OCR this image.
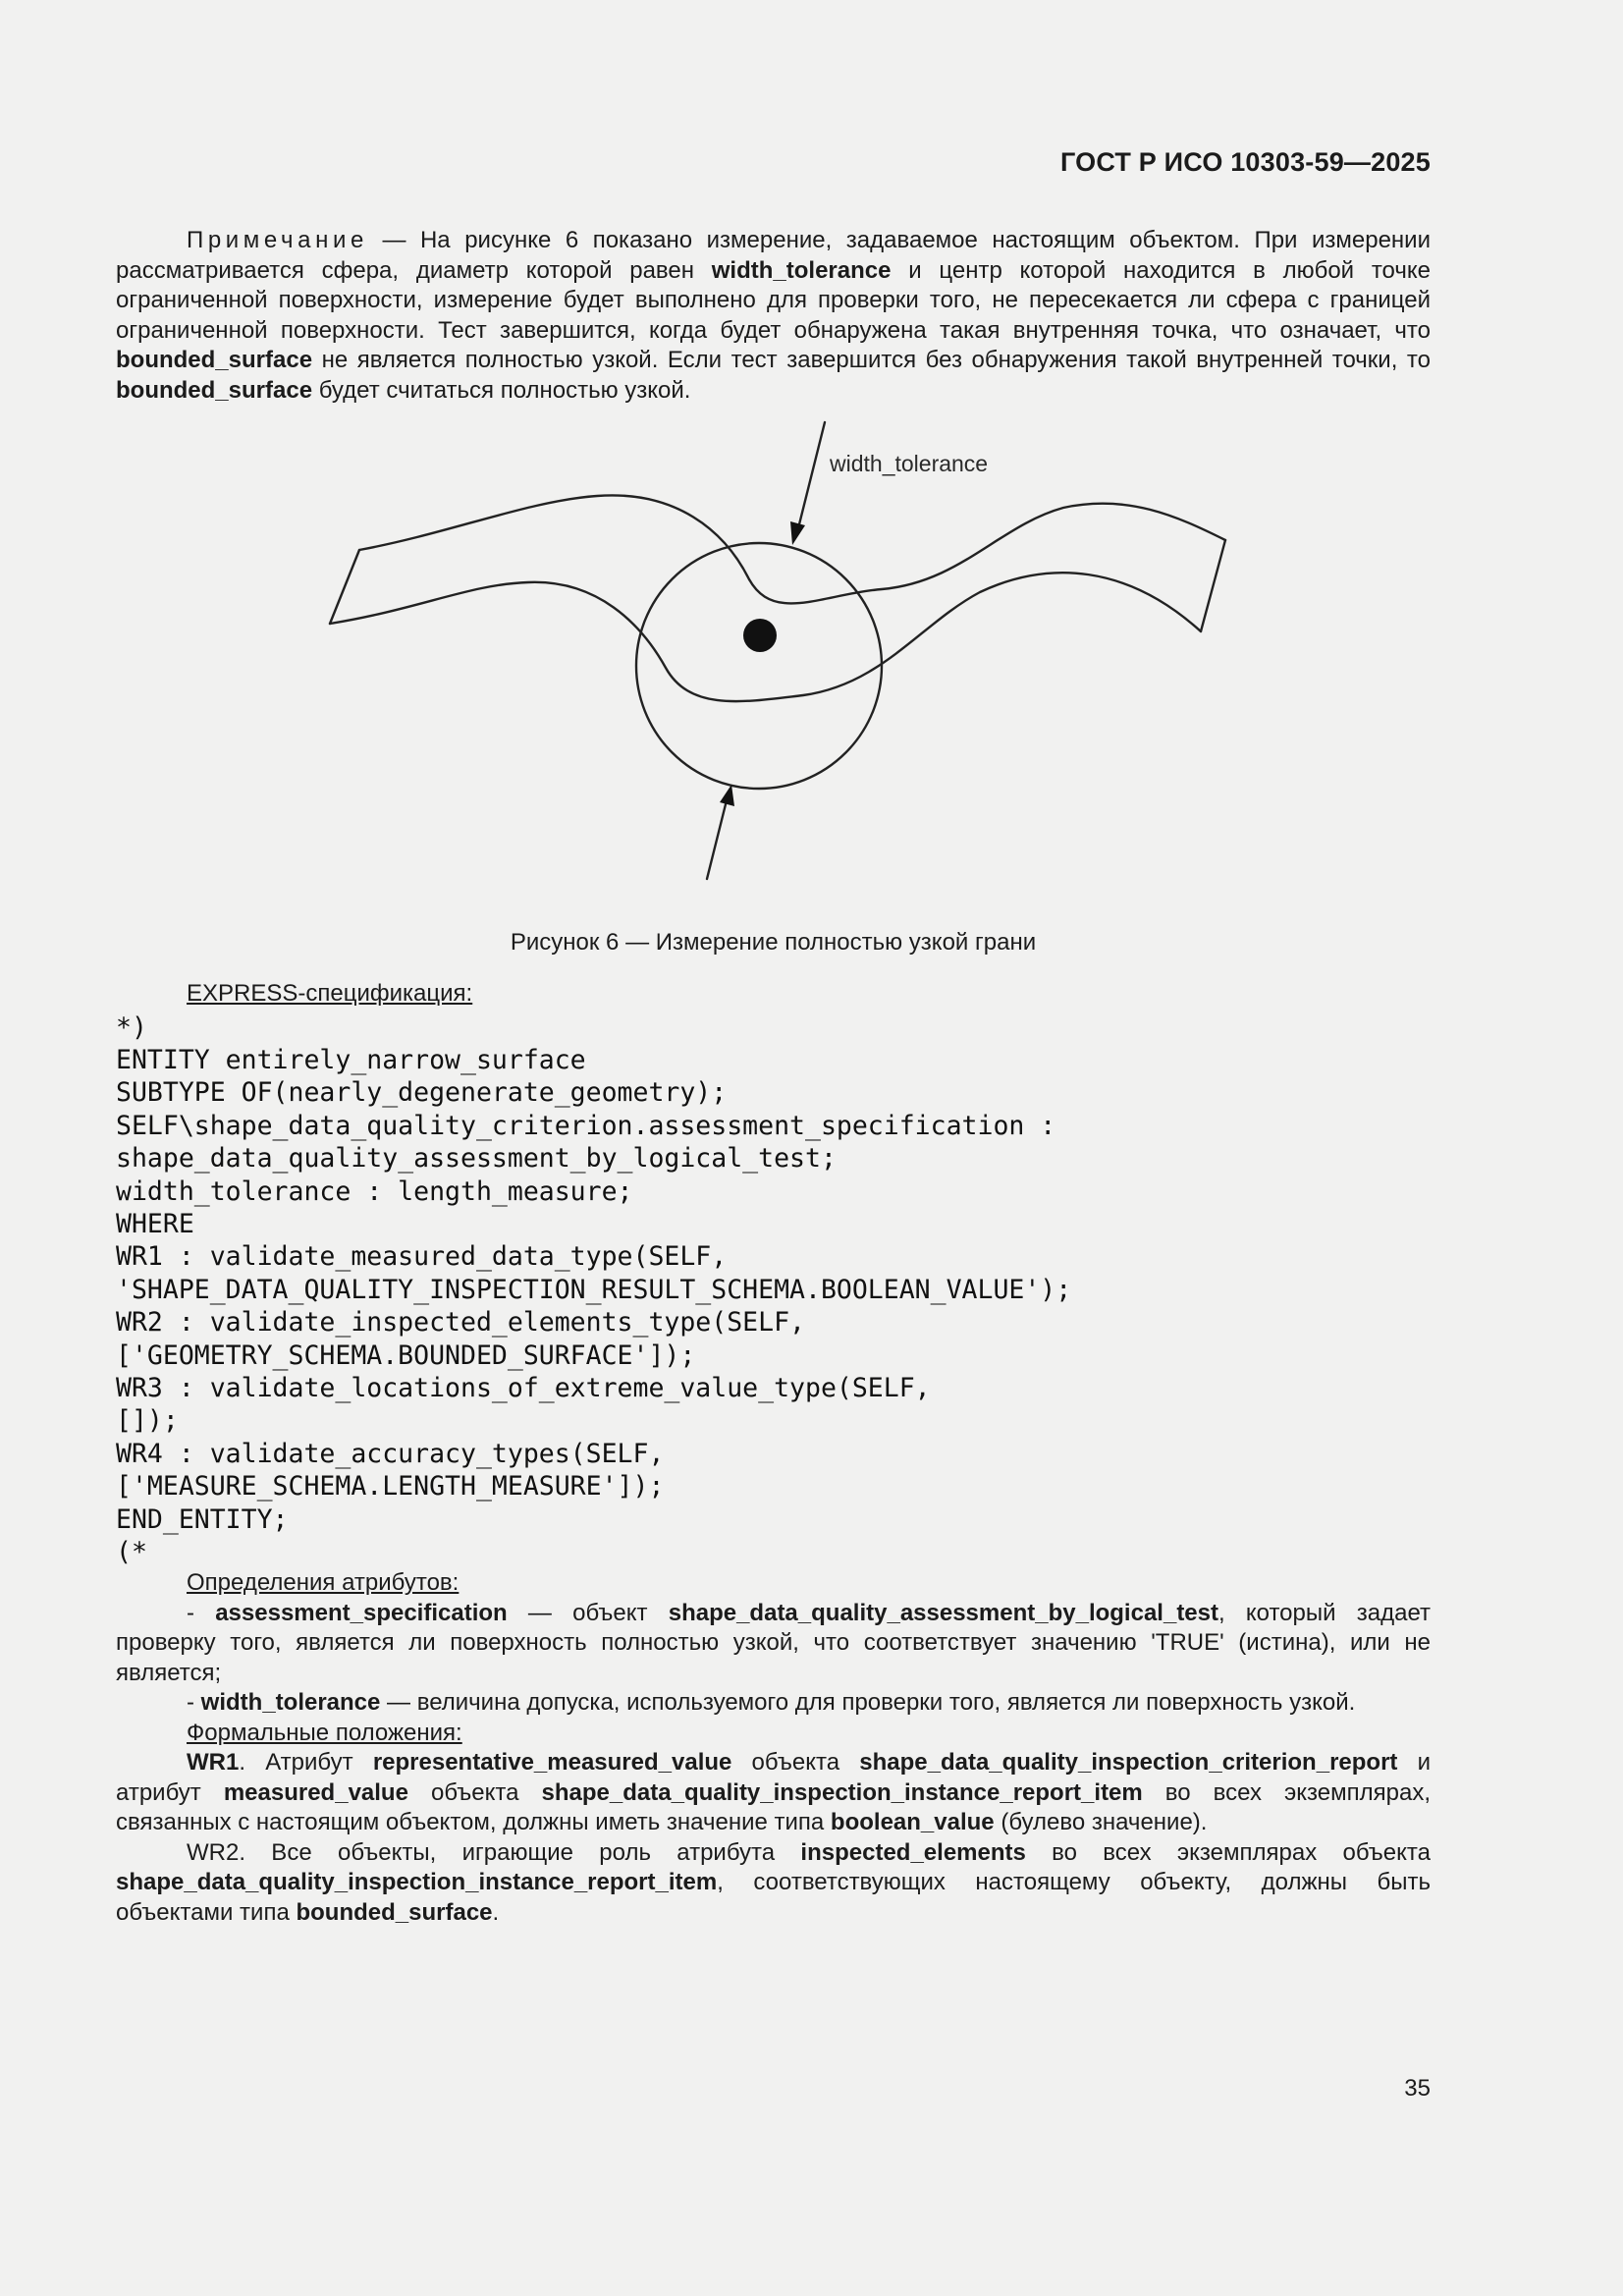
ГОСТ Р ИСО 10303-59—2025

Примечание — На рисунке 6 показано измерение, задаваемое настоящим объектом. При измерении рассматривается сфера, диаметр которой равен width_tolerance и центр которой находится в любой точке ограниченной поверхности, измерение будет выполнено для проверки того, не пересекается ли сфера с границей ограниченной поверхности. Тест завершится, когда будет обнаружена такая внутренняя точка, что означает, что bounded_surface не является полностью узкой. Если тест завершится без обнаружения такой внутренней точки, то bounded_surface будет считаться полностью узкой.

width_tolerance
Рисунок 6 — Измерение полностью узкой грани

EXPRESS-спецификация:

*)
ENTITY entirely_narrow_surface
SUBTYPE OF(nearly_degenerate_geometry);
SELF\shape_data_quality_criterion.assessment_specification :
shape_data_quality_assessment_by_logical_test;
width_tolerance : length_measure;
WHERE
WR1 : validate_measured_data_type(SELF,
'SHAPE_DATA_QUALITY_INSPECTION_RESULT_SCHEMA.BOOLEAN_VALUE');
WR2 : validate_inspected_elements_type(SELF,
['GEOMETRY_SCHEMA.BOUNDED_SURFACE']);
WR3 : validate_locations_of_extreme_value_type(SELF,
[]);
WR4 : validate_accuracy_types(SELF,
['MEASURE_SCHEMA.LENGTH_MEASURE']);
END_ENTITY;
(*

Определения атрибутов:

- assessment_specification — объект shape_data_quality_assessment_by_logical_test, который задает проверку того, является ли поверхность полностью узкой, что соответствует значению 'TRUE' (истина), или не является;

- width_tolerance — величина допуска, используемого для проверки того, является ли поверхность узкой.

Формальные положения:

WR1. Атрибут representative_measured_value объекта shape_data_quality_inspection_criterion_report и атрибут measured_value объекта shape_data_quality_inspection_instance_report_item во всех экземплярах, связанных с настоящим объектом, должны иметь значение типа boolean_value (булево значение).

WR2. Все объекты, играющие роль атрибута inspected_elements во всех экземплярах объекта shape_data_quality_inspection_instance_report_item, соответствующих настоящему объекту, должны быть объектами типа bounded_surface.

35
